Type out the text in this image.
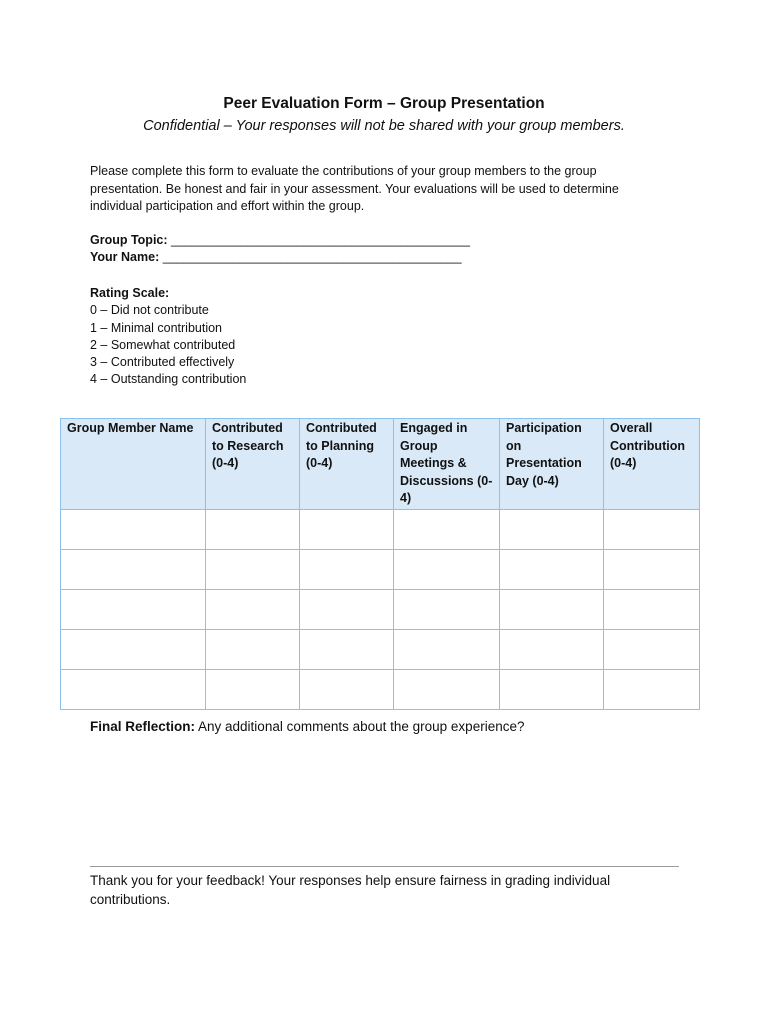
Peer Evaluation Form – Group Presentation
Confidential – Your responses will not be shared with your group members.
Please complete this form to evaluate the contributions of your group members to the group presentation. Be honest and fair in your assessment. Your evaluations will be used to determine individual participation and effort within the group.
Group Topic: ___________________________________________
Your Name: ___________________________________________
Rating Scale:
0 – Did not contribute
1 – Minimal contribution
2 – Somewhat contributed
3 – Contributed effectively
4 – Outstanding contribution
Group Member Name	Contributed to Research (0-4)	Contributed to Planning (0-4)	Engaged in Group Meetings & Discussions (0-4)	Participation on Presentation Day (0-4)	Overall Contribution (0-4)

Final Reflection: Any additional comments about the group experience?
Thank you for your feedback! Your responses help ensure fairness in grading individual contributions.
